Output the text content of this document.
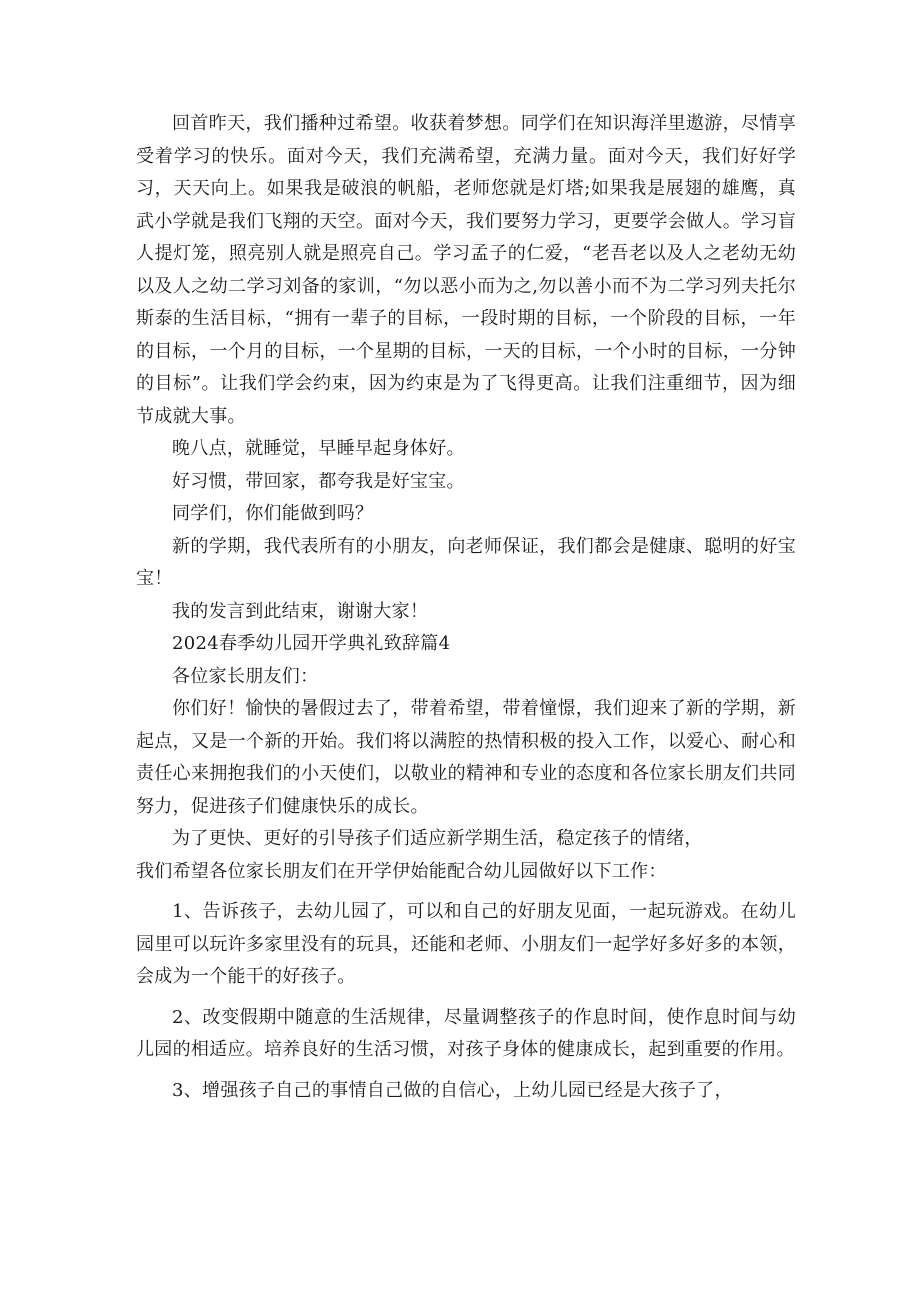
回首昨天，我们播种过希望。收获着梦想。同学们在知识海洋里遨游，尽情享受着学习的快乐。面对今天，我们充满希望，充满力量。面对今天，我们好好学习，天天向上。如果我是破浪的帆船，老师您就是灯塔;如果我是展翅的雄鹰，真武小学就是我们飞翔的天空。面对今天，我们要努力学习，更要学会做人。学习盲人提灯笼，照亮别人就是照亮自己。学习孟子的仁爱，“老吾老以及人之老幼无幼以及人之幼二学习刘备的家训，“勿以恶小而为之,勿以善小而不为二学习列夫托尔斯泰的生活目标，“拥有一辈子的目标，一段时期的目标，一个阶段的目标，一年的目标，一个月的目标，一个星期的目标，一天的目标，一个小时的目标，一分钟的目标”。让我们学会约束，因为约束是为了飞得更高。让我们注重细节，因为细节成就大事。

晚八点，就睡觉，早睡早起身体好。

好习惯，带回家，都夸我是好宝宝。

同学们，你们能做到吗？

新的学期，我代表所有的小朋友，向老师保证，我们都会是健康、聪明的好宝宝！

我的发言到此结束，谢谢大家！

2024春季幼儿园开学典礼致辞篇4

各位家长朋友们：

你们好！愉快的暑假过去了，带着希望，带着憧憬，我们迎来了新的学期，新起点，又是一个新的开始。我们将以满腔的热情积极的投入工作，以爱心、耐心和责任心来拥抱我们的小天使们，以敬业的精神和专业的态度和各位家长朋友们共同努力，促进孩子们健康快乐的成长。

为了更快、更好的引导孩子们适应新学期生活，稳定孩子的情绪，

我们希望各位家长朋友们在开学伊始能配合幼儿园做好以下工作：

1、告诉孩子，去幼儿园了，可以和自己的好朋友见面，一起玩游戏。在幼儿园里可以玩许多家里没有的玩具，还能和老师、小朋友们一起学好多好多的本领，会成为一个能干的好孩子。

2、改变假期中随意的生活规律，尽量调整孩子的作息时间，使作息时间与幼儿园的相适应。培养良好的生活习惯，对孩子身体的健康成长，起到重要的作用。

3、增强孩子自己的事情自己做的自信心，上幼儿园已经是大孩子了，
